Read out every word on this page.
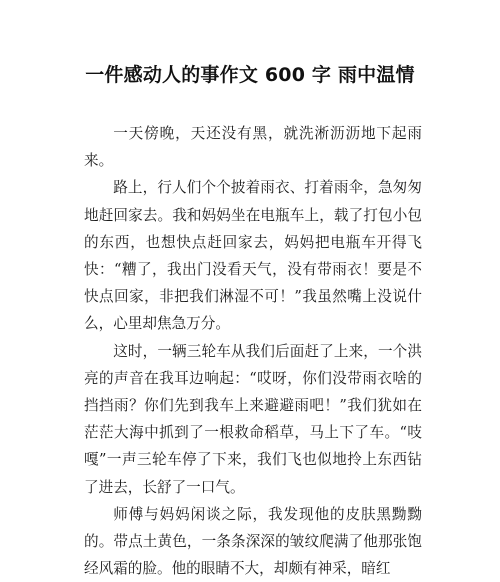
一件感动人的事作文 600 字 雨中温情

一天傍晚，天还没有黑，就洗淅沥沥地下起雨来。

路上，行人们个个披着雨衣、打着雨伞，急匆匆地赶回家去。我和妈妈坐在电瓶车上，载了打包小包的东西，也想快点赶回家去，妈妈把电瓶车开得飞快：“糟了，我出门没看天气，没有带雨衣！要是不快点回家，非把我们淋湿不可！”我虽然嘴上没说什么，心里却焦急万分。

这时，一辆三轮车从我们后面赶了上来，一个洪亮的声音在我耳边响起：“哎呀，你们没带雨衣啥的挡挡雨？你们先到我车上来避避雨吧！”我们犹如在茫茫大海中抓到了一根救命稻草，马上下了车。“吱嘎”一声三轮车停了下来，我们飞也似地拎上东西钻了进去，长舒了一口气。

师傅与妈妈闲谈之际，我发现他的皮肤黑黝黝的。带点土黄色，一条条深深的皱纹爬满了他那张饱经风霜的脸。他的眼睛不大，却颇有神采，暗红
